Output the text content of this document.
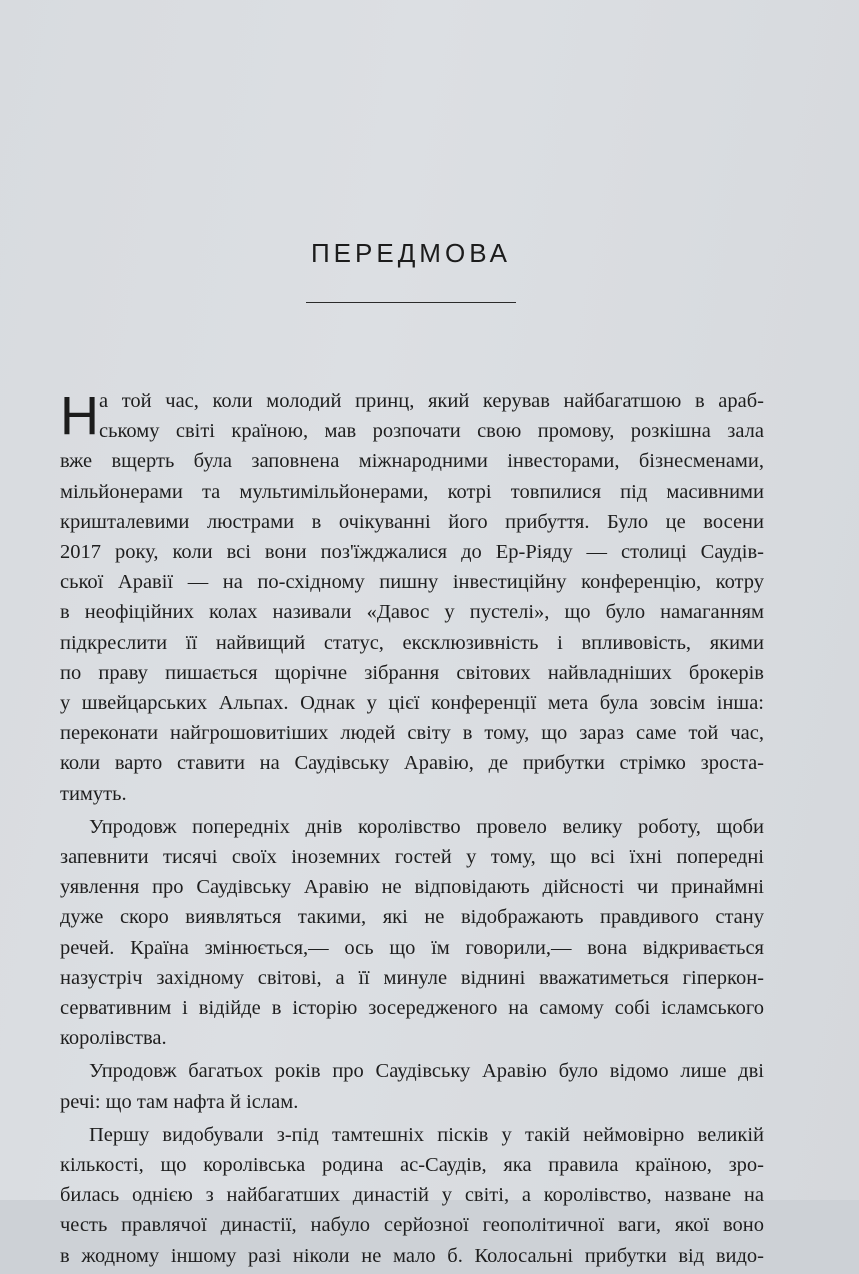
ПЕРЕДМОВА
Н а той час, коли молодий принц, який керував найбагатшою в араб-
ському світі країною, мав розпочати свою промову, розкішна зала
вже вщерть була заповнена міжнародними інвесторами, бізнесменами,
мільйонерами та мультимільйонерами, котрі товпилися під масивними
кришталевими люстрами в очікуванні його прибуття. Було це восени
2017 року, коли всі вони поз'їжджалися до Ер-Ріяду — столиці Саудів-
ської Аравії — на по-східному пишну інвестиційну конференцію, котру
в неофіційних колах називали «Давос у пустелі», що було намаганням
підкреслити її найвищий статус, ексклюзивність і впливовість, якими
по праву пишається щорічне зібрання світових найвладніших брокерів
у швейцарських Альпах. Однак у цієї конференції мета була зовсім інша:
переконати найгрошовитіших людей світу в тому, що зараз саме той час,
коли варто ставити на Саудівську Аравію, де прибутки стрімко зроста-
тимуть.
Упродовж попередніх днів королівство провело велику роботу, щоби
запевнити тисячі своїх іноземних гостей у тому, що всі їхні попередні
уявлення про Саудівську Аравію не відповідають дійсності чи принаймні
дуже скоро виявляться такими, які не відображають правдивого стану
речей. Країна змінюється,— ось що їм говорили,— вона відкривається
назустріч західному світові, а її минуле віднині вважатиметься гіперкон-
сервативним і відійде в історію зосередженого на самому собі ісламського
королівства.
Упродовж багатьох років про Саудівську Аравію було відомо лише дві
речі: що там нафта й іслам.
Першу видобували з-під тамтешніх пісків у такій неймовірно великій
кількості, що королівська родина ас-Саудів, яка правила країною, зро-
билась однією з найбагатших династій у світі, а королівство, назване на
честь правлячої династії, набуло серйозної геополітичної ваги, якої воно
в жодному іншому разі ніколи не мало б. Колосальні прибутки від видо-
